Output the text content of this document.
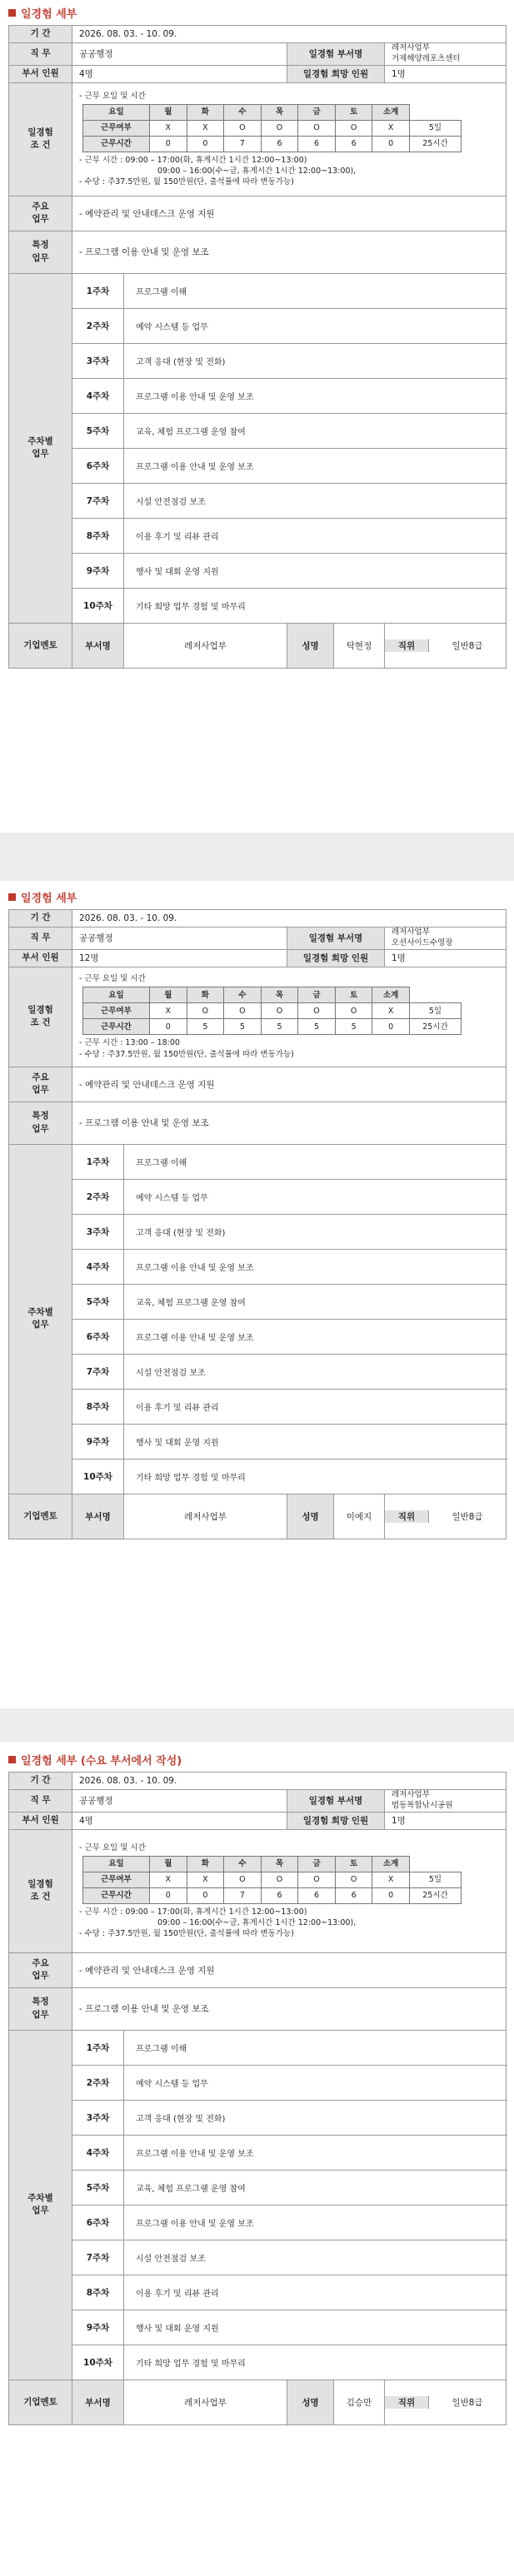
일경험 세부
기 간	2026. 08. 03. - 10. 09.
직 무	공공행정	일경험 부서명	레저사업부
거제해양레포츠센터
부서 인원	4명	일경험 희망 인원	1명
일경험
조 건	
- 근무 요일 및 시간
요일	월	화	수	목	금	토	소계
근무여부	X	X	O	O	O	O	X	5일
근무시간	0	0	7	6	6	6	0	25시간
- 근무 시간 : 09:00 – 17:00(화, 휴게시간 1시간 12:00~13:00)
09:00 – 16:00(수~금, 휴게시간 1시간 12:00~13:00),
- 수당 : 주37.5만원, 월 150만원(단, 출석률에 따라 변동가능)

주요
업무	- 예약관리 및 안내데스크 운영 지원
특정
업무	- 프로그램 이용 안내 및 운영 보조
주차별
업무	1주차	프로그램 이해
2주차	예약 시스템 등 업무
3주차	고객 응대 (현장 및 전화)
4주차	프로그램 이용 안내 및 운영 보조
5주차	교육, 체험 프로그램 운영 참여
6주차	프로그램 이용 안내 및 운영 보조
7주차	시설 안전점검 보조
8주차	이용 후기 및 리뷰 관리
9주차	행사 및 대회 운영 지원
10주차	기타 희망 업무 경험 및 마무리
기업멘토	부서명	레저사업부	성명	탁현정	직위	일반8급
일경험 세부
기 간	2026. 08. 03. - 10. 09.
직 무	공공행정	일경험 부서명	레저사업부
오션사이드수영장
부서 인원	12명	일경험 희망 인원	1명
일경험
조 건	
- 근무 요일 및 시간
요일	월	화	수	목	금	토	소계
근무여부	X	O	O	O	O	O	X	5일
근무시간	0	5	5	5	5	5	0	25시간
- 근무 시간 : 13:00 – 18:00
- 수당 : 주37.5만원, 월 150만원(단, 출석률에 따라 변동가능)

주요
업무	- 예약관리 및 안내데스크 운영 지원
특정
업무	- 프로그램 이용 안내 및 운영 보조
주차별
업무	1주차	프로그램 이해
2주차	예약 시스템 등 업무
3주차	고객 응대 (현장 및 전화)
4주차	프로그램 이용 안내 및 운영 보조
5주차	교육, 체험 프로그램 운영 참여
6주차	프로그램 이용 안내 및 운영 보조
7주차	시설 안전점검 보조
8주차	이용 후기 및 리뷰 관리
9주차	행사 및 대회 운영 지원
10주차	기타 희망 업무 경험 및 마무리
기업멘토	부서명	레저사업부	성명	이예지	직위	일반8급
일경험 세부 (수요 부서에서 작성)
기 간	2026. 08. 03. - 10. 09.
직 무	공공행정	일경험 부서명	레저사업부
법동복합낚시공원
부서 인원	4명	일경험 희망 인원	1명
일경험
조 건	
- 근무 요일 및 시간
요일	월	화	수	목	금	토	소계
근무여부	X	X	O	O	O	O	X	5일
근무시간	0	0	7	6	6	6	0	25시간
- 근무 시간 : 09:00 – 17:00(화, 휴게시간 1시간 12:00~13:00)
09:00 – 16:00(수~금, 휴게시간 1시간 12:00~13:00),
- 수당 : 주37.5만원, 월 150만원(단, 출석률에 따라 변동가능)

주요
업무	- 예약관리 및 안내데스크 운영 지원
특정
업무	- 프로그램 이용 안내 및 운영 보조
주차별
업무	1주차	프로그램 이해
2주차	예약 시스템 등 업무
3주차	고객 응대 (현장 및 전화)
4주차	프로그램 이용 안내 및 운영 보조
5주차	교육, 체험 프로그램 운영 참여
6주차	프로그램 이용 안내 및 운영 보조
7주차	시설 안전점검 보조
8주차	이용 후기 및 리뷰 관리
9주차	행사 및 대회 운영 지원
10주차	기타 희망 업무 경험 및 마무리
기업멘토	부서명	레저사업부	성명	김승만	직위	일반8급
